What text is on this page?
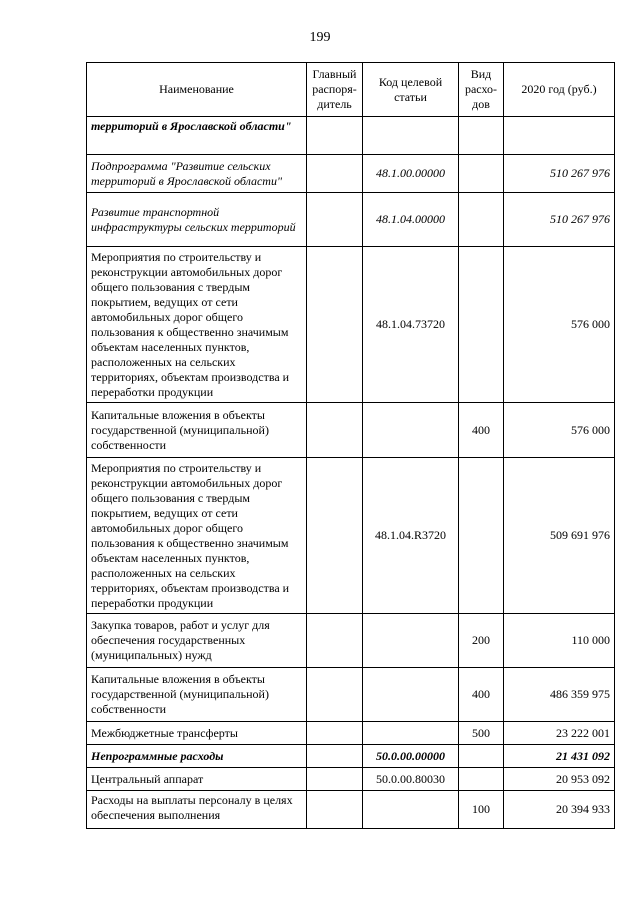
199
Наименование	Главный распоря-дитель	Код целевой статьи	Вид расхо-дов	2020 год (руб.)
территорий в Ярославской области"				
Подпрограмма "Развитие сельских территорий в Ярославской области"		48.1.00.00000		510 267 976
Развитие транспортной инфраструктуры сельских территорий		48.1.04.00000		510 267 976
Мероприятия по строительству и реконструкции автомобильных дорог общего пользования с твердым покрытием, ведущих от сети автомобильных дорог общего пользования к общественно значимым объектам населенных пунктов, расположенных на сельских территориях, объектам производства и переработки продукции		48.1.04.73720		576 000
Капитальные вложения в объекты государственной (муниципальной) собственности			400	576 000
Мероприятия по строительству и реконструкции автомобильных дорог общего пользования с твердым покрытием, ведущих от сети автомобильных дорог общего пользования к общественно значимым объектам населенных пунктов, расположенных на сельских территориях, объектам производства и переработки продукции		48.1.04.R3720		509 691 976
Закупка товаров, работ и услуг для обеспечения государственных (муниципальных) нужд			200	110 000
Капитальные вложения в объекты государственной (муниципальной) собственности			400	486 359 975
Межбюджетные трансферты			500	23 222 001
Непрограммные расходы		50.0.00.00000		21 431 092
Центральный аппарат		50.0.00.80030		20 953 092
Расходы на выплаты персоналу в целях обеспечения выполнения			100	20 394 933
